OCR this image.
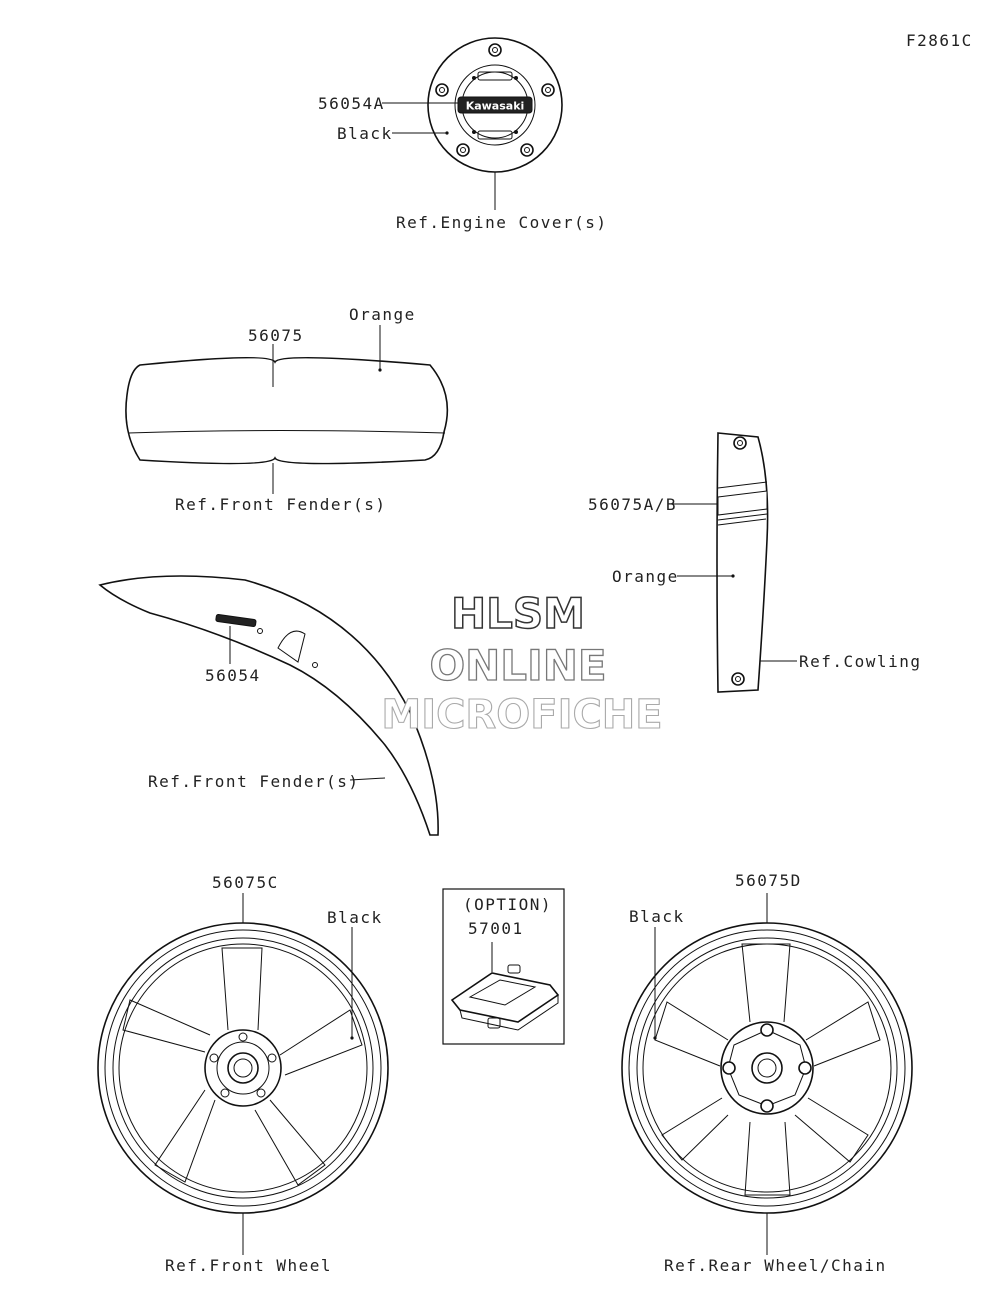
F2861C
Kawasaki
56054A
Black
Ref.Engine Cover(s)
56075
Orange
Ref.Front Fender(s)	56075A/B
Orange
Ref.Cowling
56054
Ref.Front Fender(s)
HLSM
ONLINE
MICROFICHE
56075C
Black
Ref.Front Wheel
(OPTION)
57001
56075D
Black
Ref.Rear Wheel/Chain
